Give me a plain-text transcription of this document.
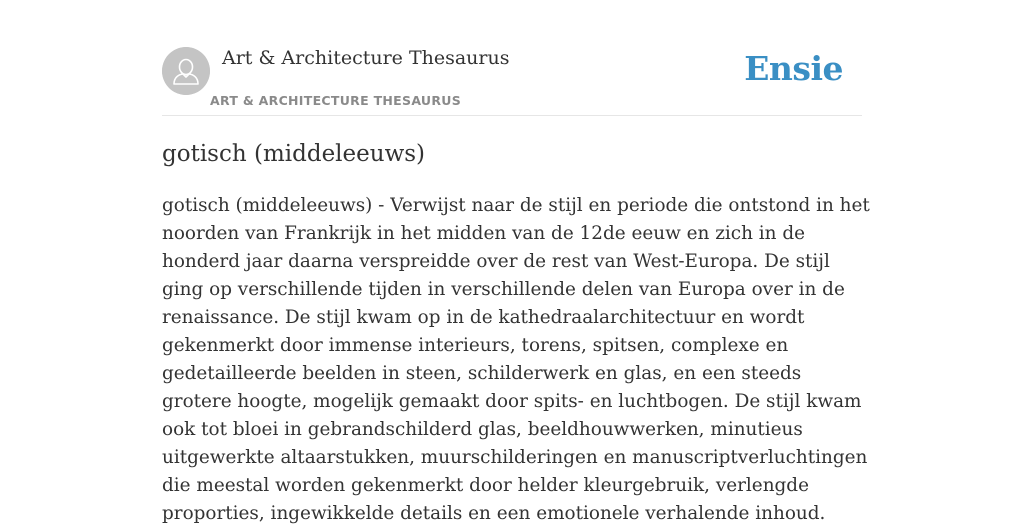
Art & Architecture Thesaurus
ART & ARCHITECTURE THESAURUS
Ensie
gotisch (middeleeuws)

gotisch (middeleeuws) - Verwijst naar de stijl en periode die ontstond in het noorden van Frankrijk in het midden van de 12de eeuw en zich in de honderd jaar daarna verspreidde over de rest van West-Europa. De stijl ging op verschillende tijden in verschillende delen van Europa over in de renaissance. De stijl kwam op in de kathedraalarchitectuur en wordt gekenmerkt door immense interieurs, torens, spitsen, complexe en gedetailleerde beelden in steen, schilderwerk en glas, en een steeds grotere hoogte, mogelijk gemaakt door spits- en luchtbogen. De stijl kwam ook tot bloei in gebrandschilderd glas, beeldhouwwerken, minutieus uitgewerkte altaarstukken, muurschilderingen en manuscriptverluchtingen die meestal worden gekenmerkt door helder kleurgebruik, verlengde proporties, ingewikkelde details en een emotionele verhalende inhoud.
